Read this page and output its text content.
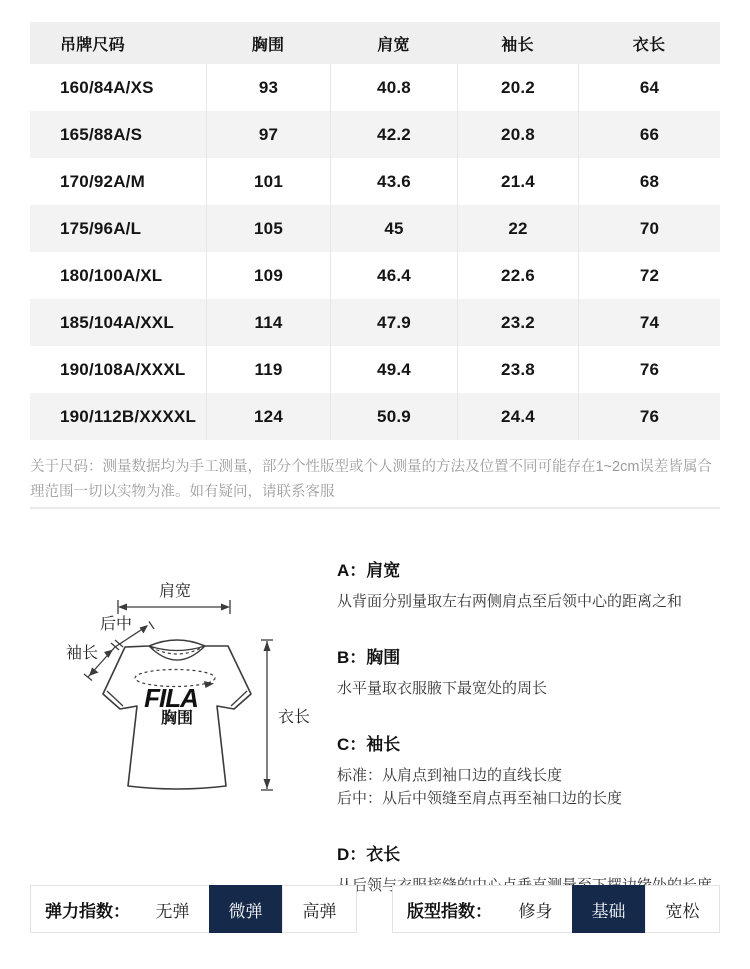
吊牌尺码	胸围	肩宽	袖长	衣长
160/84A/XS	93	40.8	20.2	64
165/88A/S	97	42.2	20.8	66
170/92A/M	101	43.6	21.4	68
175/96A/L	105	45	22	70
180/100A/XL	109	46.4	22.6	72
185/104A/XXL	114	47.9	23.2	74
190/108A/XXXL	119	49.4	23.8	76
190/112B/XXXXL	124	50.9	24.4	76
关于尺码：测量数据均为手工测量，部分个性版型或个人测量的方法及位置不同可能存在1~2cm误差皆属合理范围一切以实物为准。如有疑问，请联系客服
肩宽
后中
袖长
FILA
胸围	衣长
A：肩宽
从背面分别量取左右两侧肩点至后领中心的距离之和
B：胸围
水平量取衣服腋下最宽处的周长
C：袖长
标准：从肩点到袖口边的直线长度
后中：从后中领缝至肩点再至袖口边的长度
D：衣长
弹力指数：	无弹	微弹	高弹	版型指数：	修身	基础	宽松
